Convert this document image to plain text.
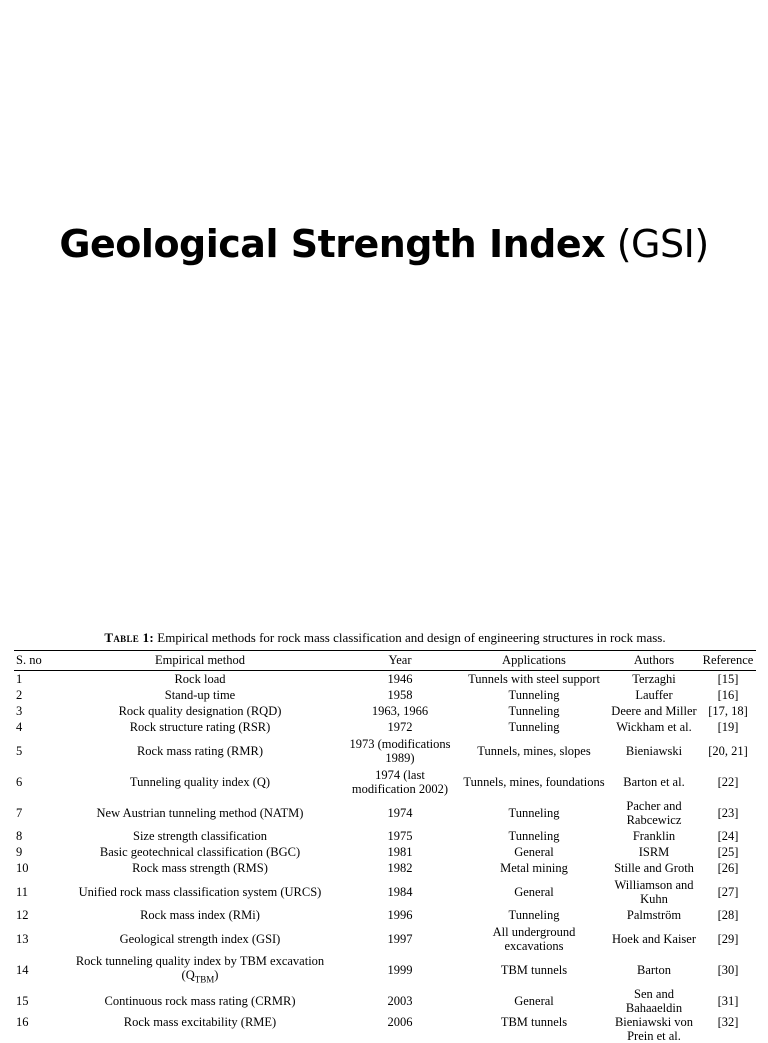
Geological Strength Index (GSI)
Table 1: Empirical methods for rock mass classification and design of engineering structures in rock mass.
S. no	Empirical method	Year	Applications	Authors	Reference
1	Rock load	1946	Tunnels with steel support	Terzaghi	[15]
2	Stand-up time	1958	Tunneling	Lauffer	[16]
3	Rock quality designation (RQD)	1963, 1966	Tunneling	Deere and Miller	[17, 18]
4	Rock structure rating (RSR)	1972	Tunneling	Wickham et al.	[19]
5	Rock mass rating (RMR)	1973 (modifications 1989)	Tunnels, mines, slopes	Bieniawski	[20, 21]
6	Tunneling quality index (Q)	1974 (last modification 2002)	Tunnels, mines, foundations	Barton et al.	[22]
7	New Austrian tunneling method (NATM)	1974	Tunneling	Pacher and Rabcewicz	[23]
8	Size strength classification	1975	Tunneling	Franklin	[24]
9	Basic geotechnical classification (BGC)	1981	General	ISRM	[25]
10	Rock mass strength (RMS)	1982	Metal mining	Stille and Groth	[26]
11	Unified rock mass classification system (URCS)	1984	General	Williamson and Kuhn	[27]
12	Rock mass index (RMi)	1996	Tunneling	Palmström	[28]
13	Geological strength index (GSI)	1997	All underground excavations	Hoek and Kaiser	[29]
14	Rock tunneling quality index by TBM excavation $(Q_{TBM})$	1999	TBM tunnels	Barton	[30]
15	Continuous rock mass rating (CRMR)	2003	General	Sen and Bahaaeldin	[31]
16	Rock mass excitability (RME)	2006	TBM tunnels	Bieniawski von Prein et al.	[32]
